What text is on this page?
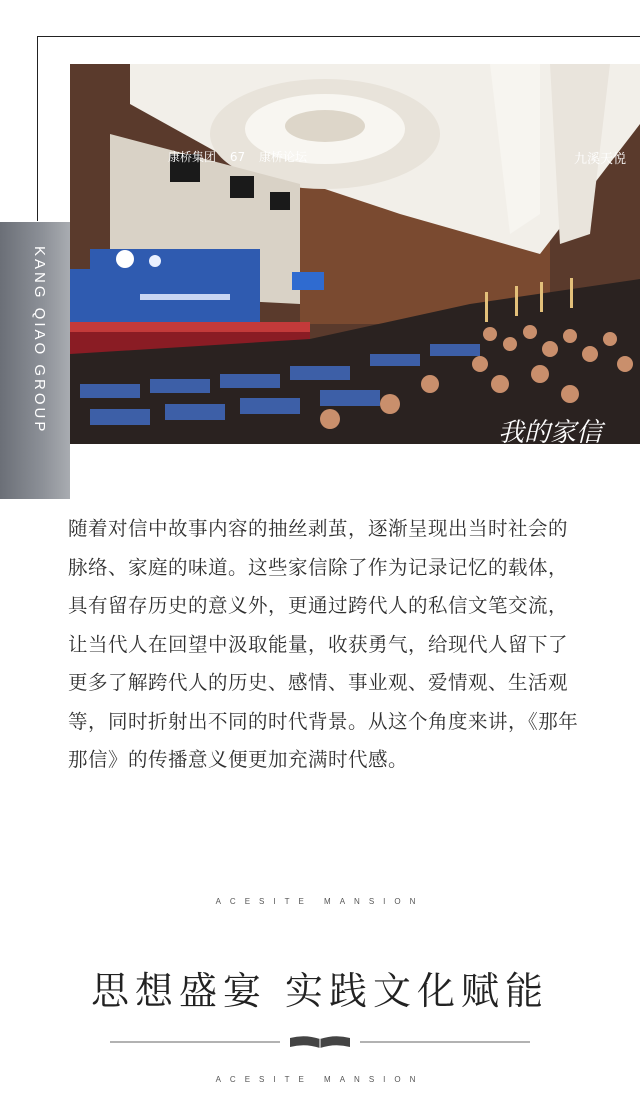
康桥集团 67 康桥论坛	九溪天悦
我的家信
我的家
KANG QIAO GROUP

随着对信中故事内容的抽丝剥茧，逐渐呈现出当时社会的脉络、家庭的味道。这些家信除了作为记录记忆的载体，具有留存历史的意义外，更通过跨代人的私信文笔交流，让当代人在回望中汲取能量，收获勇气，给现代人留下了更多了解跨代人的历史、感情、事业观、爱情观、生活观等，同时折射出不同的时代背景。从这个角度来讲，《那年 那信》的传播意义便更加充满时代感。

ACESITE MANSION
思想盛宴 实践文化赋能
ACESITE MANSION
